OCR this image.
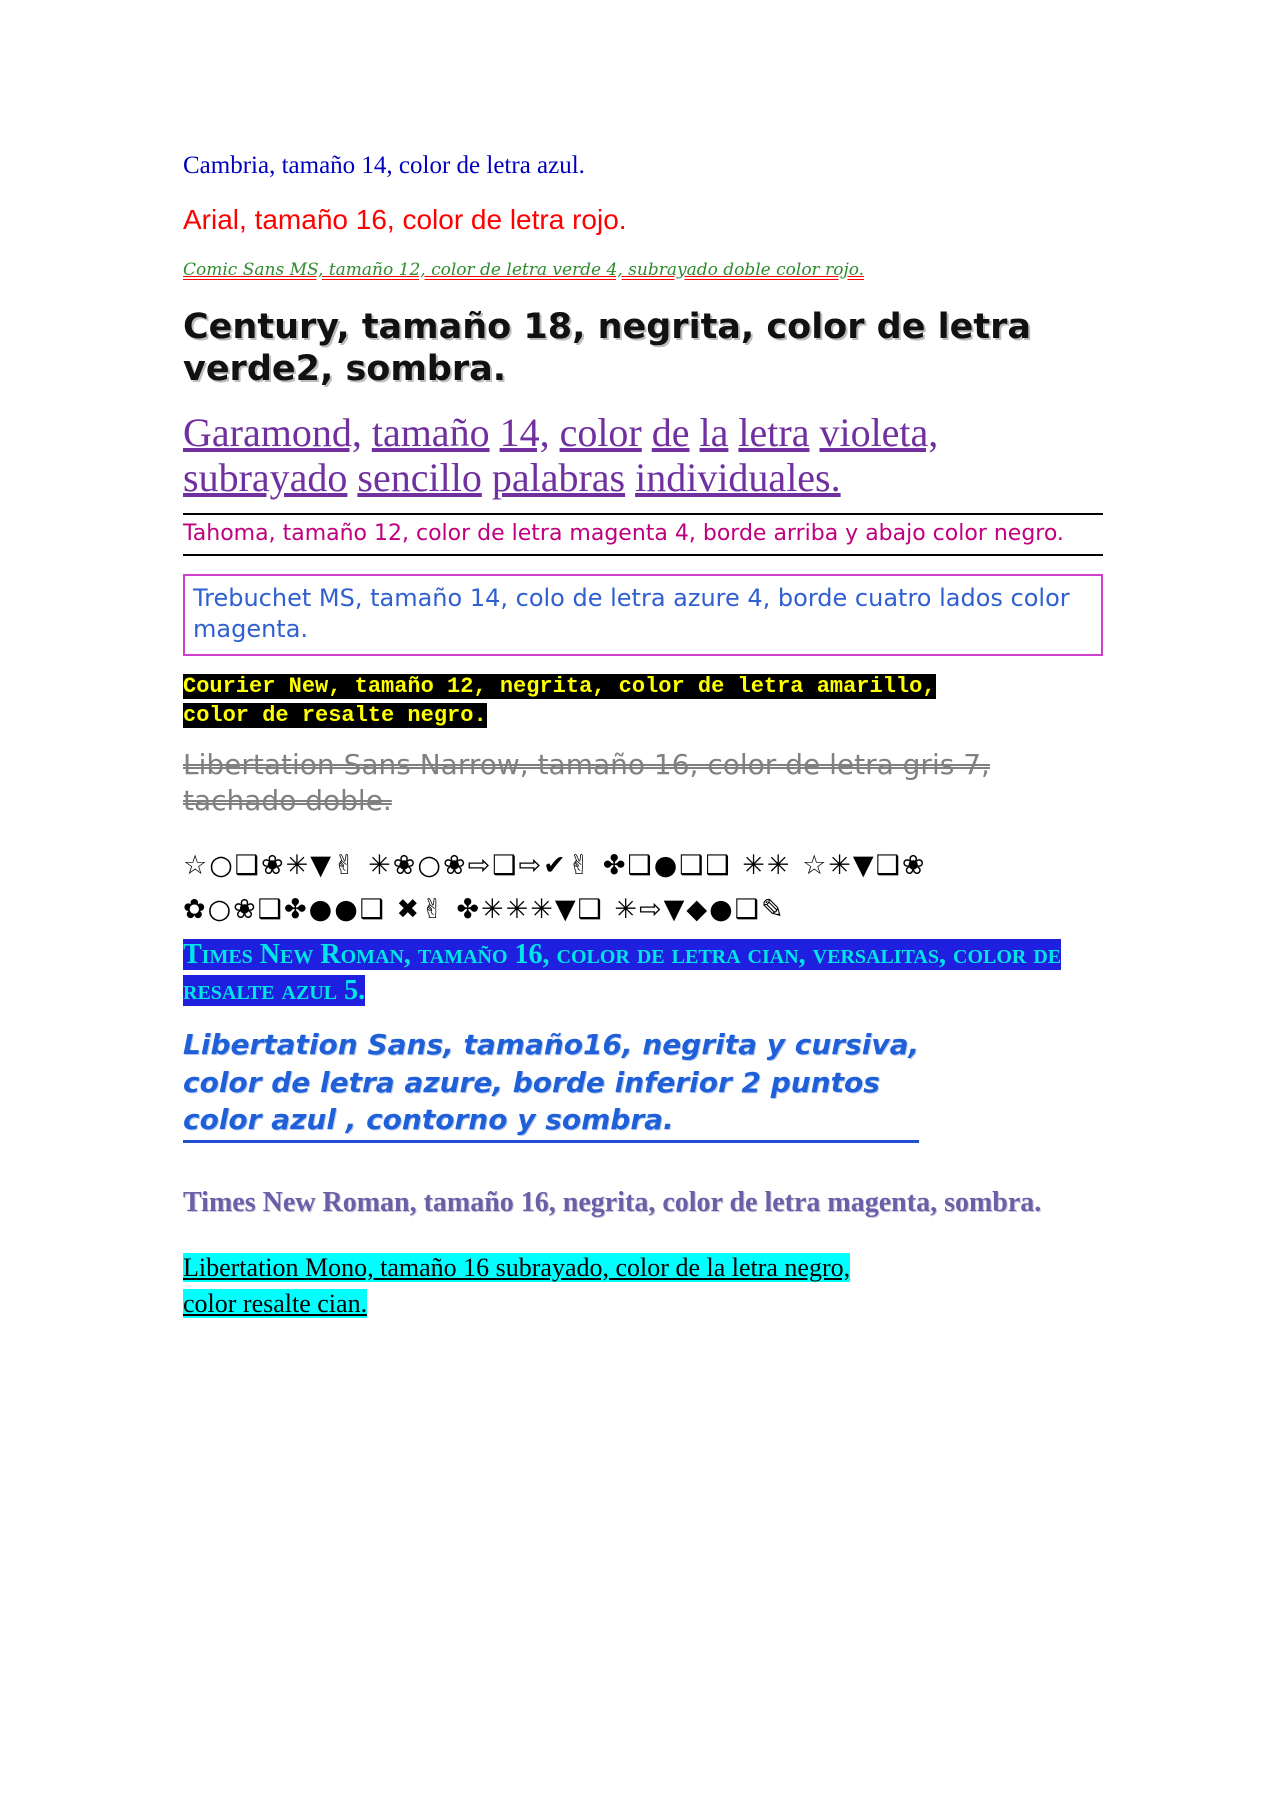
Cambria, tamaño 14, color de letra azul.

Arial, tamaño 16, color de letra rojo.

Comic Sans MS, tamaño 12, color de letra verde 4, subrayado doble color rojo.

Century, tamaño 18, negrita, color de letra verde2, sombra.

Garamond, tamaño 14, color de la letra violeta, subrayado sencillo palabras individuales.

Tahoma, tamaño 12, color de letra magenta 4, borde arriba y abajo color negro.

Trebuchet MS, tamaño 14, colo de letra azure 4, borde cuatro lados color magenta.

Courier New, tamaño 12, negrita, color de letra amarillo,
color de resalte negro.

Libertation Sans Narrow, tamaño 16, color de letra gris 7, tachado doble.

☆○❑❀✳▼✌ ✳❀○❀⇨❑⇨✔✌ ✤❑●❑❑ ✳✳ ☆✳▼❑❀

✿○❀❑✤●●❑ ✖✌ ✤✳✳✳▼❑ ✳⇨▼◆●❑✎

Times New Roman, tamaño 16, color de letra cian, versalitas, color de resalte azul 5.

Libertation Sans, tamaño16, negrita y cursiva,
color de letra azure, borde inferior 2 puntos
color azul , contorno y sombra.

Times New Roman, tamaño 16, negrita, color de letra magenta, sombra.

Libertation Mono, tamaño 16 subrayado, color de la letra negro,
color resalte cian.
